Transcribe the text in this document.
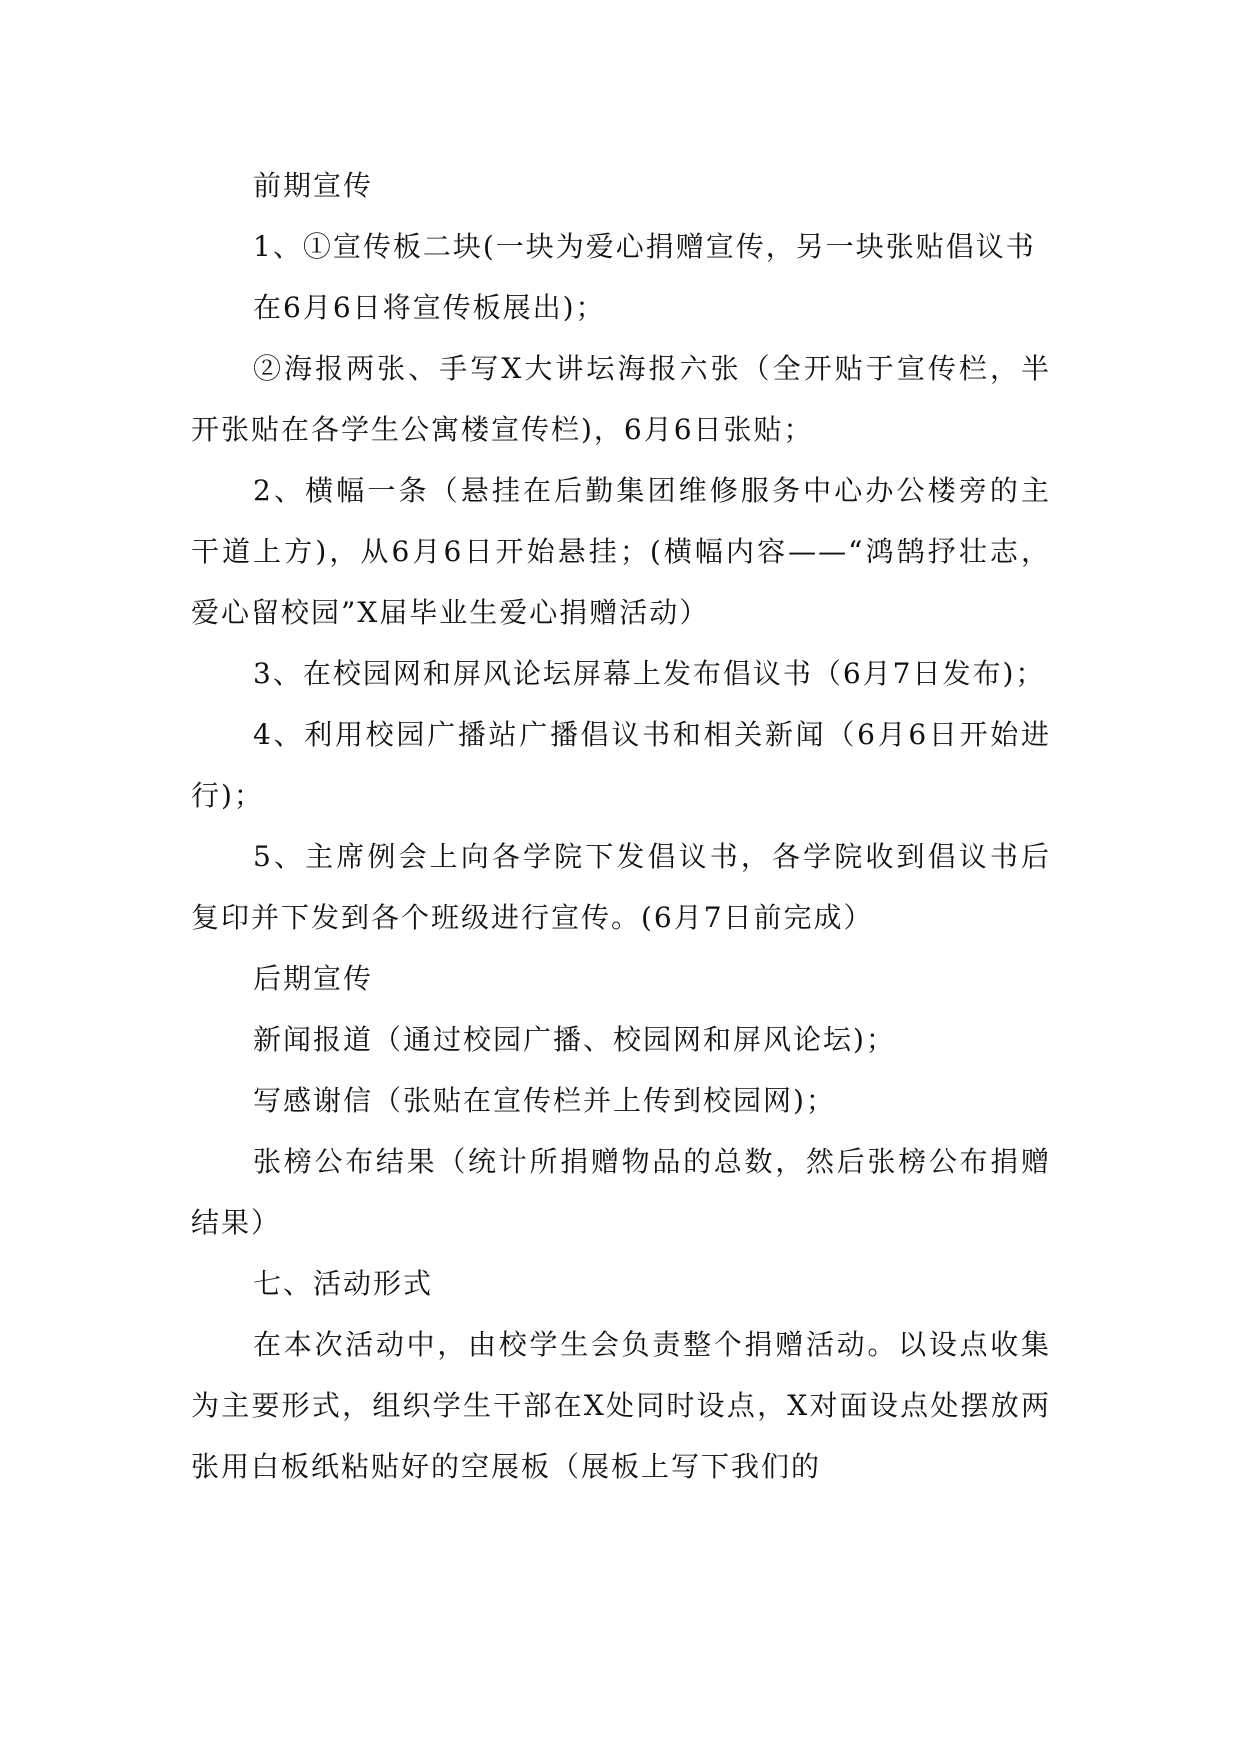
前期宣传

1、①宣传板二块(一块为爱心捐赠宣传，另一块张贴倡议书

在6月6日将宣传板展出)；

②海报两张、手写X大讲坛海报六张（全开贴于宣传栏，半开张贴在各学生公寓楼宣传栏)，6月6日张贴；

2、横幅一条（悬挂在后勤集团维修服务中心办公楼旁的主干道上方)，从6月6日开始悬挂；(横幅内容——“鸿鹄抒壮志，爱心留校园”X届毕业生爱心捐赠活动）

3、在校园网和屏风论坛屏幕上发布倡议书（6月7日发布)；

4、利用校园广播站广播倡议书和相关新闻（6月6日开始进行)；

5、主席例会上向各学院下发倡议书，各学院收到倡议书后复印并下发到各个班级进行宣传。(6月7日前完成）

后期宣传

新闻报道（通过校园广播、校园网和屏风论坛)；

写感谢信（张贴在宣传栏并上传到校园网)；

张榜公布结果（统计所捐赠物品的总数，然后张榜公布捐赠结果）

七、活动形式

在本次活动中，由校学生会负责整个捐赠活动。以设点收集为主要形式，组织学生干部在X处同时设点，X对面设点处摆放两张用白板纸粘贴好的空展板（展板上写下我们的
